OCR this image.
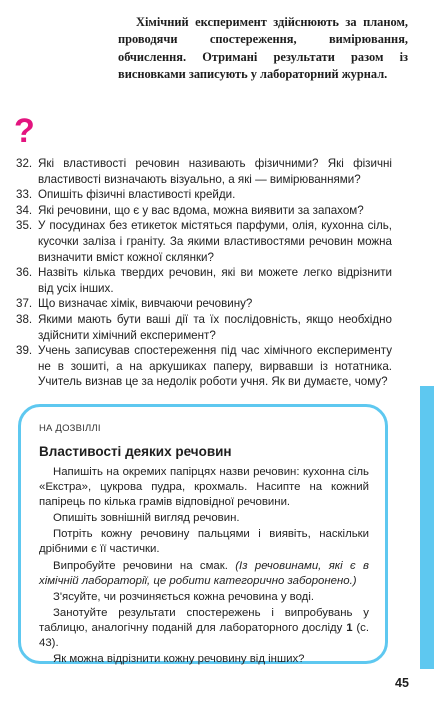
Хімічний експеримент здійснюють за планом, проводячи спостереження, вимірювання, обчислення. Отримані результати разом із висновками записують у лабораторний журнал.
?
32. Які властивості речовин називають фізичними? Які фізичні властивості визначають візуально, а які — вимірюваннями?
33. Опишіть фізичні властивості крейди.
34. Які речовини, що є у вас вдома, можна виявити за запахом?
35. У посудинах без етикеток містяться парфуми, олія, кухонна сіль, кусочки заліза і граніту. За якими властивостями речовин можна визначити вміст кожної склянки?
36. Назвіть кілька твердих речовин, які ви можете легко відрізнити від усіх інших.
37. Що визначає хімік, вивчаючи речовину?
38. Якими мають бути ваші дії та їх послідовність, якщо необхідно здійснити хімічний експеримент?
39. Учень записував спостереження під час хімічного експерименту не в зошиті, а на аркушиках паперу, вирвавши із нотатника. Учитель визнав це за недолік роботи учня. Як ви думаєте, чому?
НА ДОЗВІЛЛІ
Властивості деяких речовин

Напишіть на окремих папірцях назви речовин: кухонна сіль «Екстра», цукрова пудра, крохмаль. Насипте на кожний папірець по кілька грамів відповідної речовини.

Опишіть зовнішній вигляд речовин.

Потріть кожну речовину пальцями і виявіть, наскільки дрібними є її частички.

Випробуйте речовини на смак. (Із речовинами, які є в хімічній лабораторії, це робити категорично заборонено.)

З'ясуйте, чи розчиняється кожна речовина у воді.

Занотуйте результати спостережень і випробувань у таблицю, аналогічну поданій для лабораторного досліду 1 (с. 43).

Як можна відрізнити кожну речовину від інших?

45
